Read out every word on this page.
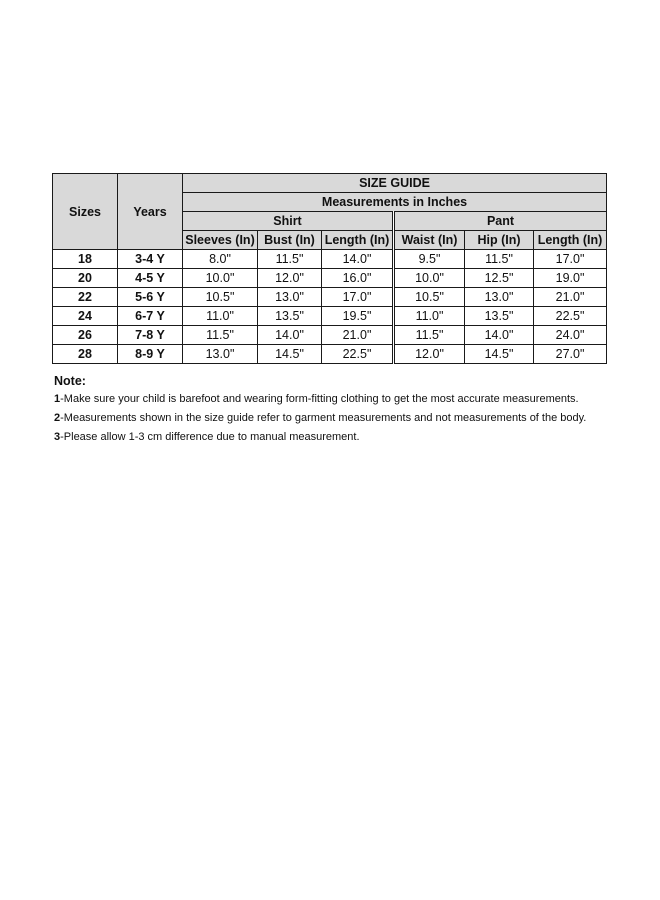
Sizes	Years	SIZE GUIDE					
		Measurements in Inches					
		Shirt			Pant		
		Sleeves (In)	Bust (In)	Length (In)	Waist (In)	Hip (In)	Length (In)
18	3-4 Y	8.0"	11.5"	14.0"	9.5"	11.5"	17.0"
20	4-5 Y	10.0"	12.0"	16.0"	10.0"	12.5"	19.0"
22	5-6 Y	10.5"	13.0"	17.0"	10.5"	13.0"	21.0"
24	6-7 Y	11.0"	13.5"	19.5"	11.0"	13.5"	22.5"
26	7-8 Y	11.5"	14.0"	21.0"	11.5"	14.0"	24.0"
28	8-9 Y	13.0"	14.5"	22.5"	12.0"	14.5"	27.0"
Note:
1-Make sure your child is barefoot and wearing form-fitting clothing to get the most accurate measurements.
2-Measurements shown in the size guide refer to garment measurements and not measurements of the body.
3-Please allow 1-3 cm difference due to manual measurement.
